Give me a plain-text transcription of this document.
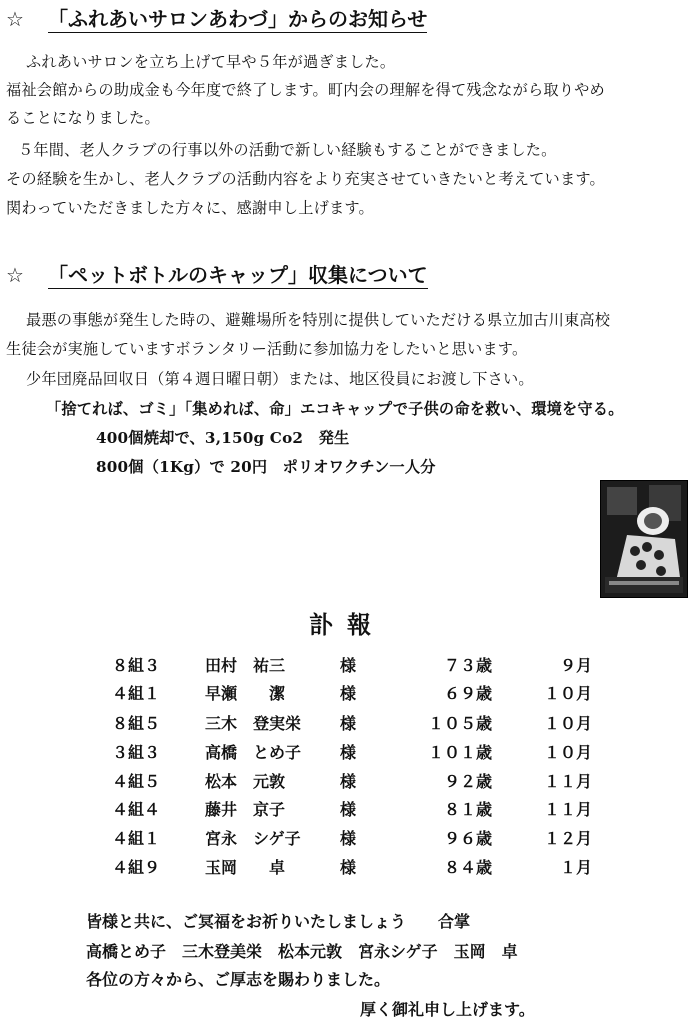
☆ 「ふれあいサロンあわづ」からのお知らせ
ふれあいサロンを立ち上げて早や５年が過ぎました。
福祉会館からの助成金も今年度で終了します。町内会の理解を得て残念ながら取りやめ
ることになりました。
５年間、老人クラブの行事以外の活動で新しい経験もすることができました。
その経験を生かし、老人クラブの活動内容をより充実させていきたいと考えています。
関わっていただきました方々に、感謝申し上げます。
☆ 「ペットボトルのキャップ」収集について
最悪の事態が発生した時の、避難場所を特別に提供していただける県立加古川東高校
生徒会が実施していますボランタリー活動に参加協力をしたいと思います。
少年団廃品回収日（第４週日曜日朝）または、地区役員にお渡し下さい。
「捨てれば、ゴミ」「集めれば、命」エコキャップで子供の命を救い、環境を守る。
400個焼却で、3,150g Co2　発生
800個（1Kg）で 20円　ポリオワクチン一人分
訃報
８組３	田村　祐三	様	７３歳	９月
４組１	早瀬　　潔	様	６９歳	１０月
８組５	三木　登実栄 様	１０５歳	１０月
３組３	高橋　とめ子 様	１０１歳	１０月
４組５	松本　元敦	様	９２歳	１１月
４組４	藤井　京子	様	８１歳	１１月
４組１	宮永　シゲ子 様	９６歳	１２月
４組９	玉岡　　卓	様	８４歳	１月
皆様と共に、ご冥福をお祈りいたしましょう　　合掌
高橋とめ子　三木登美栄　松本元敦　宮永シゲ子　玉岡　卓
各位の方々から、ご厚志を賜わりました。
厚く御礼申し上げます。
